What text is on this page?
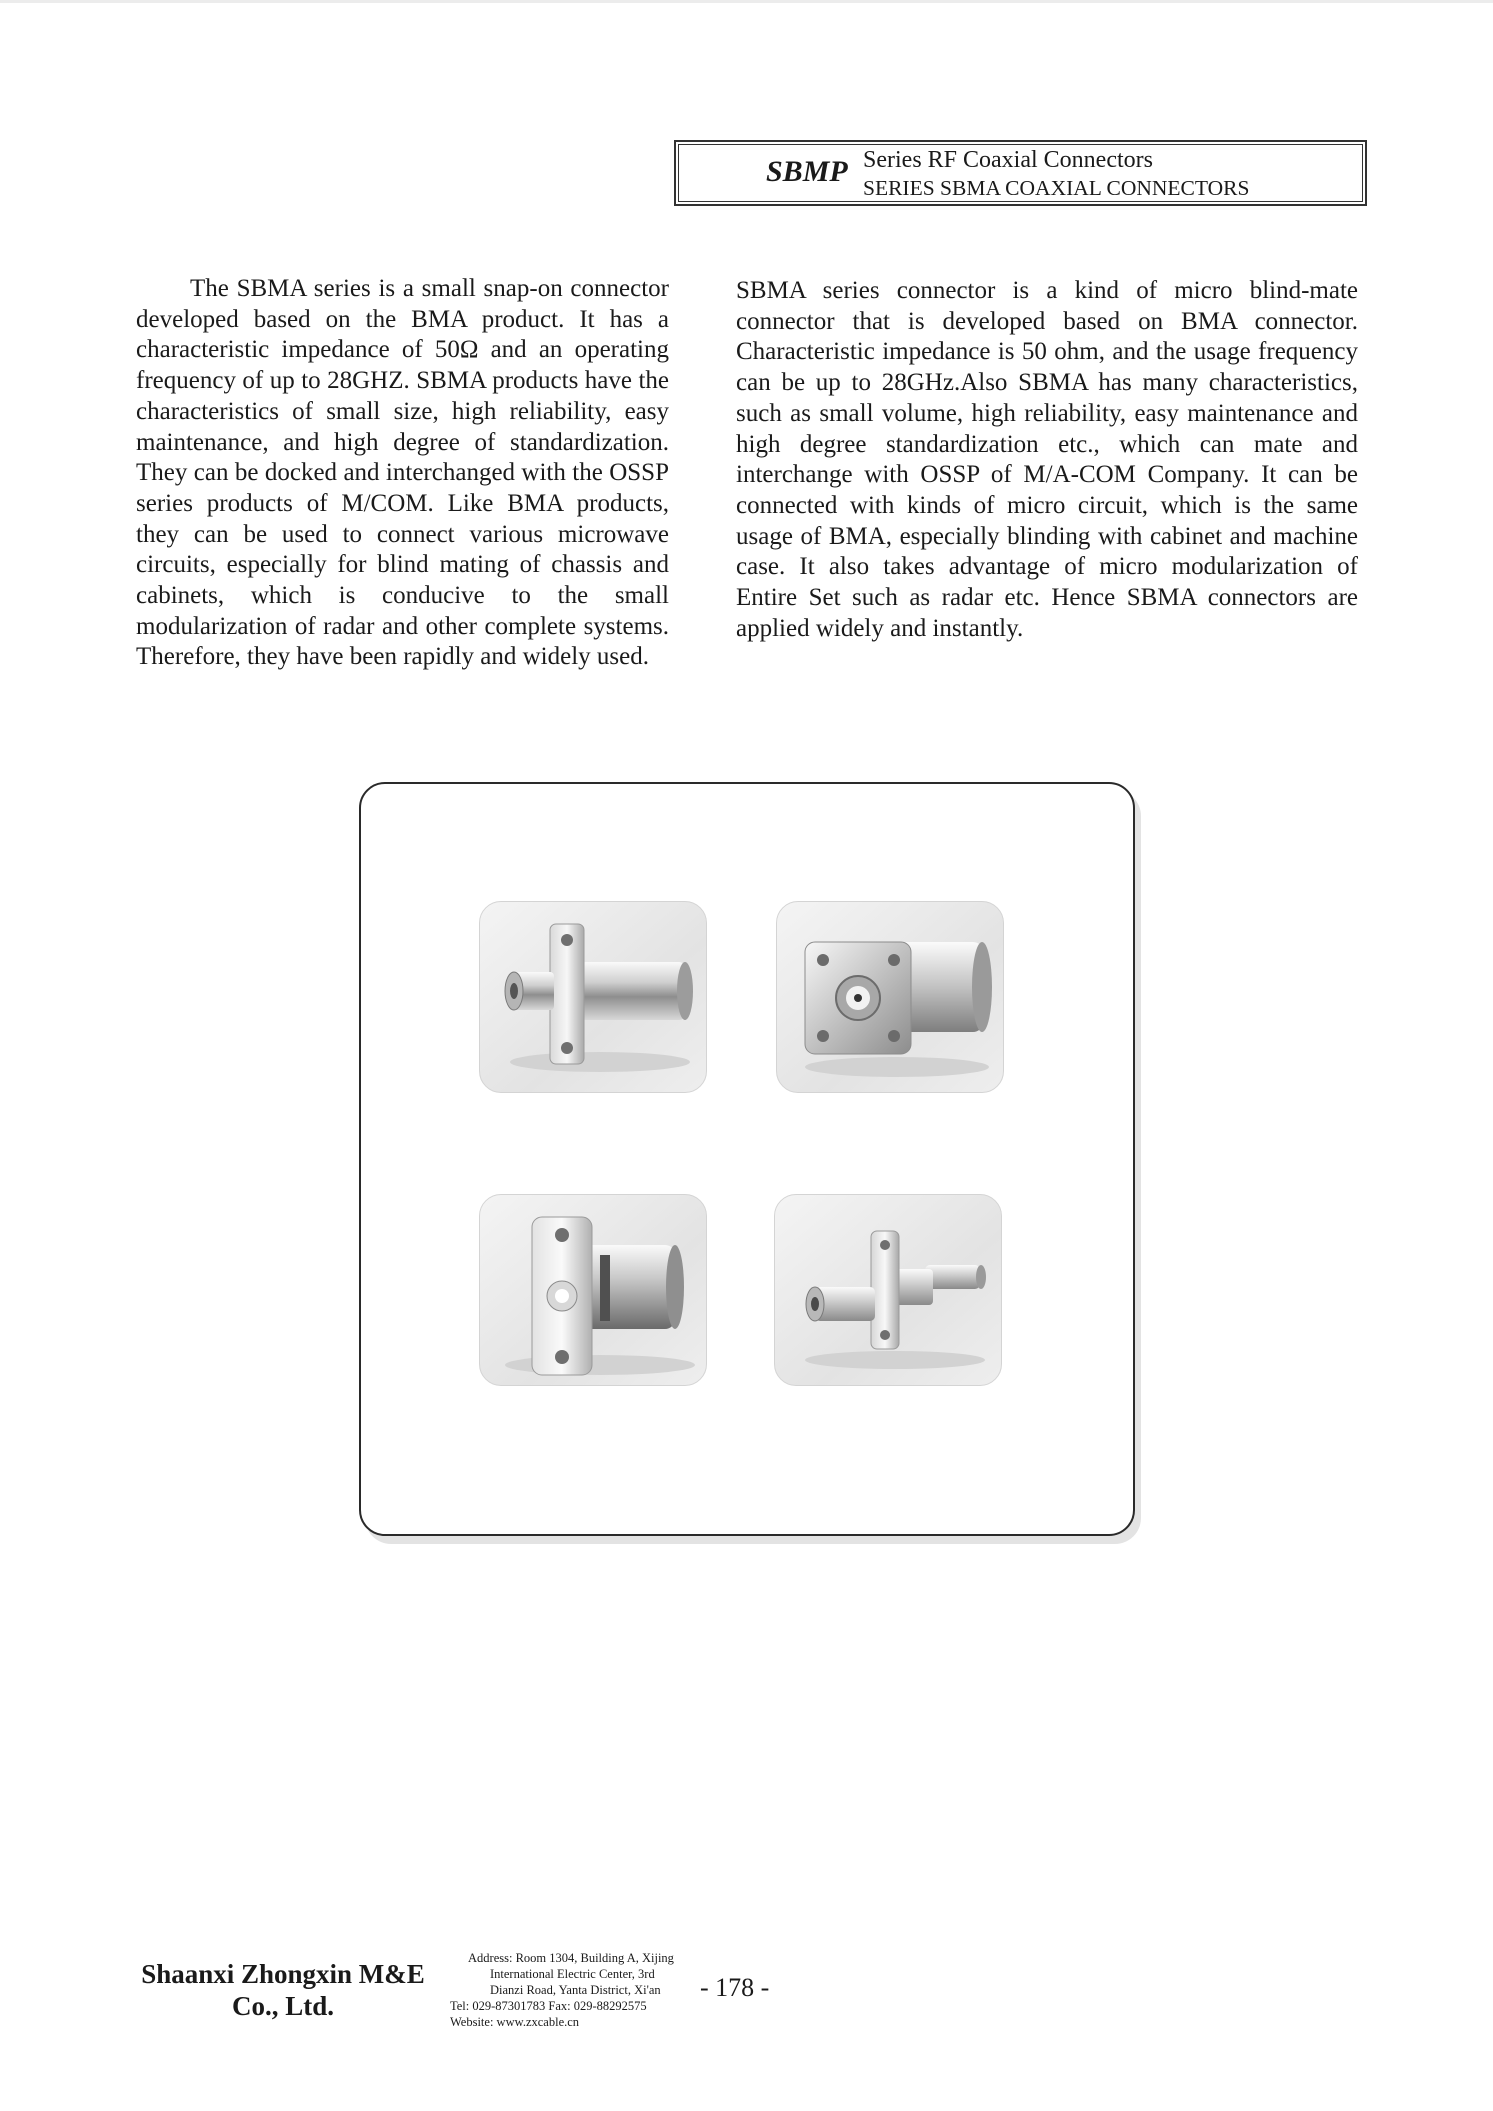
SBMP Series RF Coaxial Connectors
SERIES SBMA COAXIAL CONNECTORS

The SBMA series is a small snap-on connector developed based on the BMA product. It has a characteristic impedance of 50Ω and an operating frequency of up to 28GHZ. SBMA products have the characteristics of small size, high reliability, easy maintenance, and high degree of standardization. They can be docked and interchanged with the OSSP series products of M/COM. Like BMA products, they can be used to connect various microwave circuits, especially for blind mating of chassis and cabinets, which is conducive to the small modularization of radar and other complete systems. Therefore, they have been rapidly and widely used.

SBMA series connector is a kind of micro blind-mate connector that is developed based on BMA connector. Characteristic impedance is 50 ohm, and the usage frequency can be up to 28GHz.Also SBMA has many characteristics, such as small volume, high reliability, easy maintenance and high degree standardization etc., which can mate and interchange with OSSP of M/A-COM Company. It can be connected with kinds of micro circuit, which is the same usage of BMA, especially blinding with cabinet and machine case. It also takes advantage of micro modularization of Entire Set such as radar etc. Hence SBMA connectors are applied widely and instantly.

Shaanxi Zhongxin M&E
Co., Ltd.
Address: Room 1304, Building A, Xijing
International Electric Center, 3rd
Dianzi Road, Yanta District, Xi'an
Tel: 029-87301783 Fax: 029-88292575
Website: www.zxcable.cn
- 178 -
